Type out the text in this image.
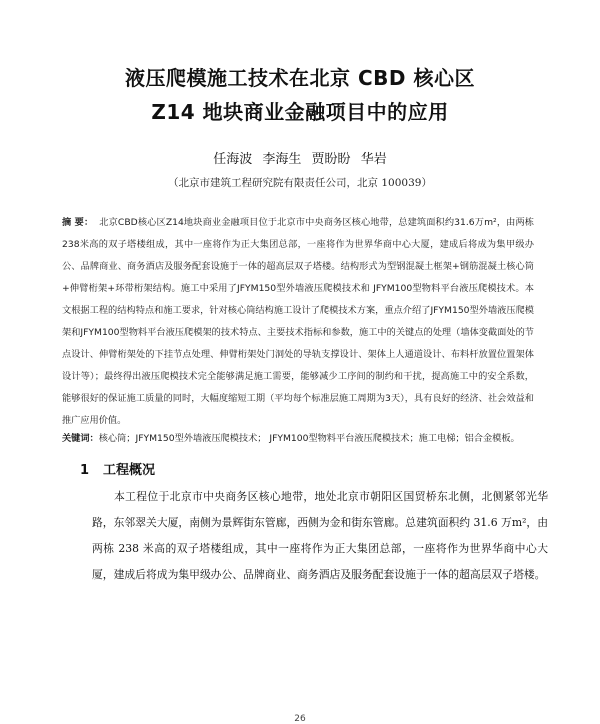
液压爬模施工技术在北京 CBD 核心区
Z14 地块商业金融项目中的应用
任海波 李海生 贾盼盼 华岩
（北京市建筑工程研究院有限责任公司，北京 100039）
摘 要： 北京CBD核心区Z14地块商业金融项目位于北京市中央商务区核心地带，总建筑面积约31.6万m²，由两栋238米高的双子塔楼组成，其中一座将作为正大集团总部，一座将作为世界华商中心大厦，建成后将成为集甲级办公、品牌商业、商务酒店及服务配套设施于一体的超高层双子塔楼。结构形式为型钢混凝土框架+钢筋混凝土核心筒+伸臂桁架+环带桁架结构。施工中采用了JFYM150型外墙液压爬模技术和 JFYM100型物料平台液压爬模技术。本文根据工程的结构特点和施工要求，针对核心筒结构施工设计了爬模技术方案，重点介绍了JFYM150型外墙液压爬模架和JFYM100型物料平台液压爬模架的技术特点、主要技术指标和参数，施工中的关键点的处理（墙体变截面处的节点设计、伸臂桁架处的下挂节点处理、伸臂桁架处门洞处的导轨支撑设计、架体上人通道设计、布料杆放置位置架体设计等）；最终得出液压爬模技术完全能够满足施工需要，能够减少工序间的制约和干扰，提高施工中的安全系数，能够很好的保证施工质量的同时，大幅度缩短工期（平均每个标准层施工周期为3天），具有良好的经济、社会效益和推广应用价值。
关键词：核心筒；JFYM150型外墙液压爬模技术； JFYM100型物料平台液压爬模技术；施工电梯；铝合金模板。
1 工程概况
本工程位于北京市中央商务区核心地带，地处北京市朝阳区国贸桥东北侧，北侧紧邻光华路，东邻翠关大厦，南侧为景辉街东管廊，西侧为金和街东管廊。总建筑面积约 31.6 万m²，由两栋 238 米高的双子塔楼组成，其中一座将作为正大集团总部，一座将作为世界华商中心大厦，建成后将成为集甲级办公、品牌商业、商务酒店及服务配套设施于一体的超高层双子塔楼。
26
